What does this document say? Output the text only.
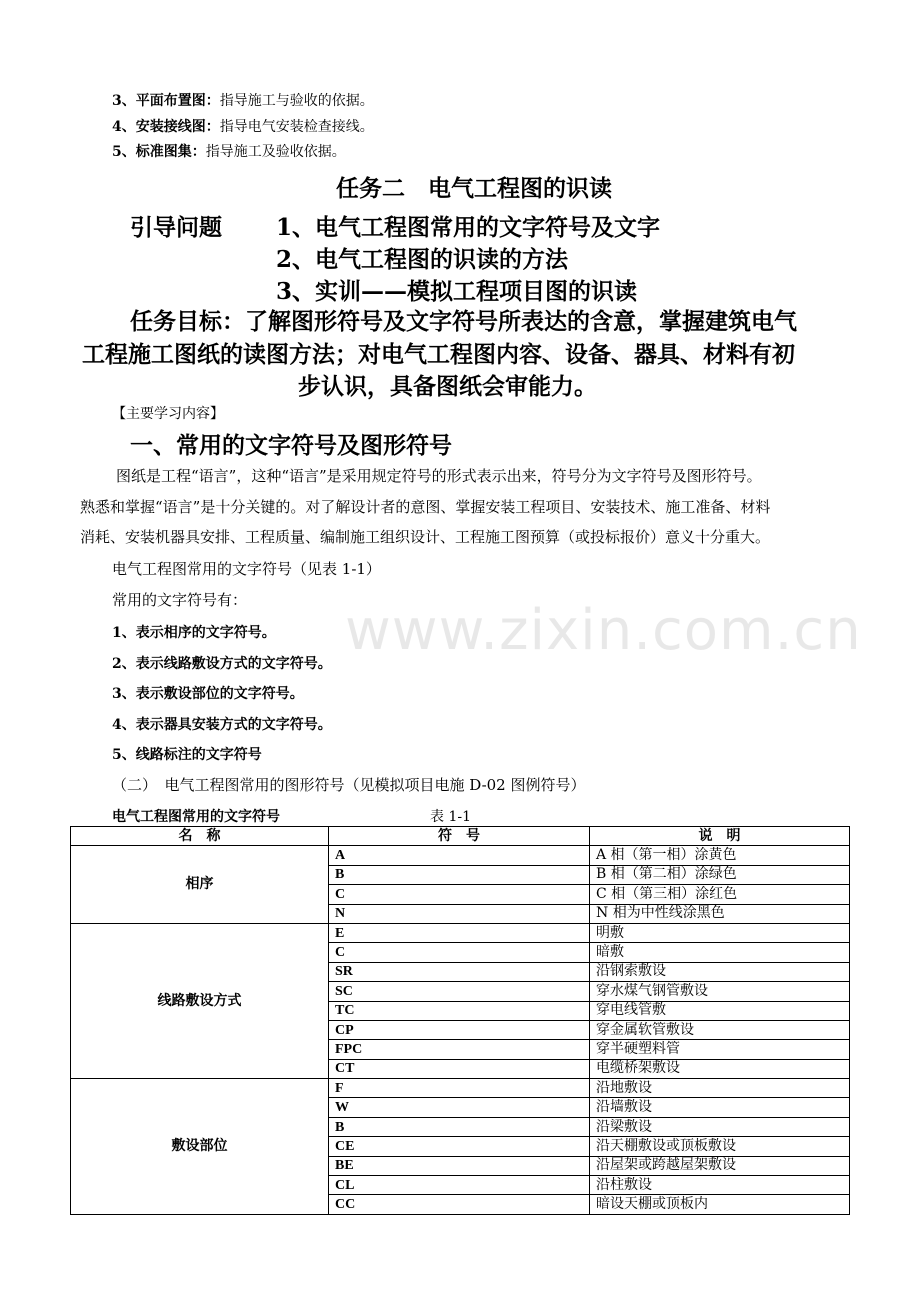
3、平面布置图：指导施工与验收的依据。
4、安装接线图：指导电气安装检查接线。
5、标准图集：指导施工及验收依据。
任务二　电气工程图的识读
引导问题 1、电气工程图常用的文字符号及文字
2、电气工程图的识读的方法
3、实训——模拟工程项目图的识读
任务目标：了解图形符号及文字符号所表达的含意，掌握建筑电气
工程施工图纸的读图方法；对电气工程图内容、设备、器具、材料有初
步认识，具备图纸会审能力。
【主要学习内容】
一、常用的文字符号及图形符号
图纸是工程“语言”，这种“语言”是采用规定符号的形式表示出来，符号分为文字符号及图形符号。
熟悉和掌握“语言”是十分关键的。对了解设计者的意图、掌握安装工程项目、安装技术、施工准备、材料
消耗、安装机器具安排、工程质量、编制施工组织设计、工程施工图预算（或投标报价）意义十分重大。
电气工程图常用的文字符号（见表 1-1）
常用的文字符号有：
1、表示相序的文字符号。
2、表示线路敷设方式的文字符号。
3、表示敷设部位的文字符号。
4、表示器具安装方式的文字符号。
5、线路标注的文字符号
（二）　电气工程图常用的图形符号（见模拟项目电施 D-02 图例符号）
电气工程图常用的文字符号	表 1-1
www.zixin.com.cn
名　称	符　号	说　明
相序	A	A 相（第一相）涂黄色
	B	B 相（第二相）涂绿色
	C	C 相（第三相）涂红色
	N	N 相为中性线涂黑色
线路敷设方式	E	明敷
	C	暗敷
	SR	沿钢索敷设
	SC	穿水煤气钢管敷设
	TC	穿电线管敷
	CP	穿金属软管敷设
	FPC	穿半硬塑料管
	CT	电缆桥架敷设
敷设部位	F	沿地敷设
	W	沿墙敷设
	B	沿梁敷设
	CE	沿天棚敷设或顶板敷设
	BE	沿屋架或跨越屋架敷设
	CL	沿柱敷设
	CC	暗设天棚或顶板内
